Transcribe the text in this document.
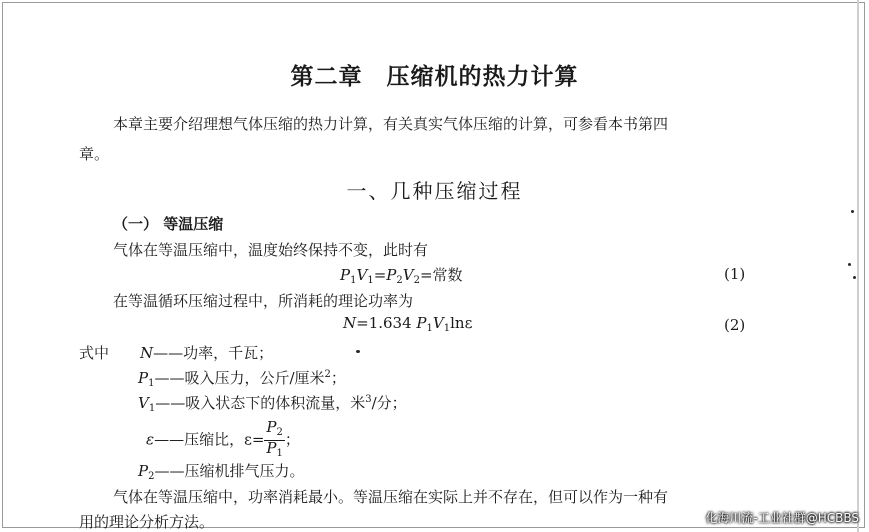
第二章　压缩机的热力计算
本章主要介绍理想气体压缩的热力计算，有关真实气体压缩的计算，可参看本书第四
章。
一、几种压缩过程
（一） 等温压缩
气体在等温压缩中，温度始终保持不变，此时有
$P_1V_1=P_2V_2=$常数	(1)
在等温循环压缩过程中，所消耗的理论功率为
N=1.634 $P_1V_1\ln\varepsilon$	(2)
式中 N——功率，千瓦；
$P_1——$吸入压力，公斤/厘米$^2$；
$V_1——$吸入状态下的体积流量，米$^3$/分；
ε——压缩比，$\varepsilon= \frac{P_2}{P_1}$ ；
$P_2——$压缩机排气压力。
气体在等温压缩中，功率消耗最小。等温压缩在实际上并不存在，但可以作为一种有
用的理论分析方法。	化海川流-工业社群@HCBBS
